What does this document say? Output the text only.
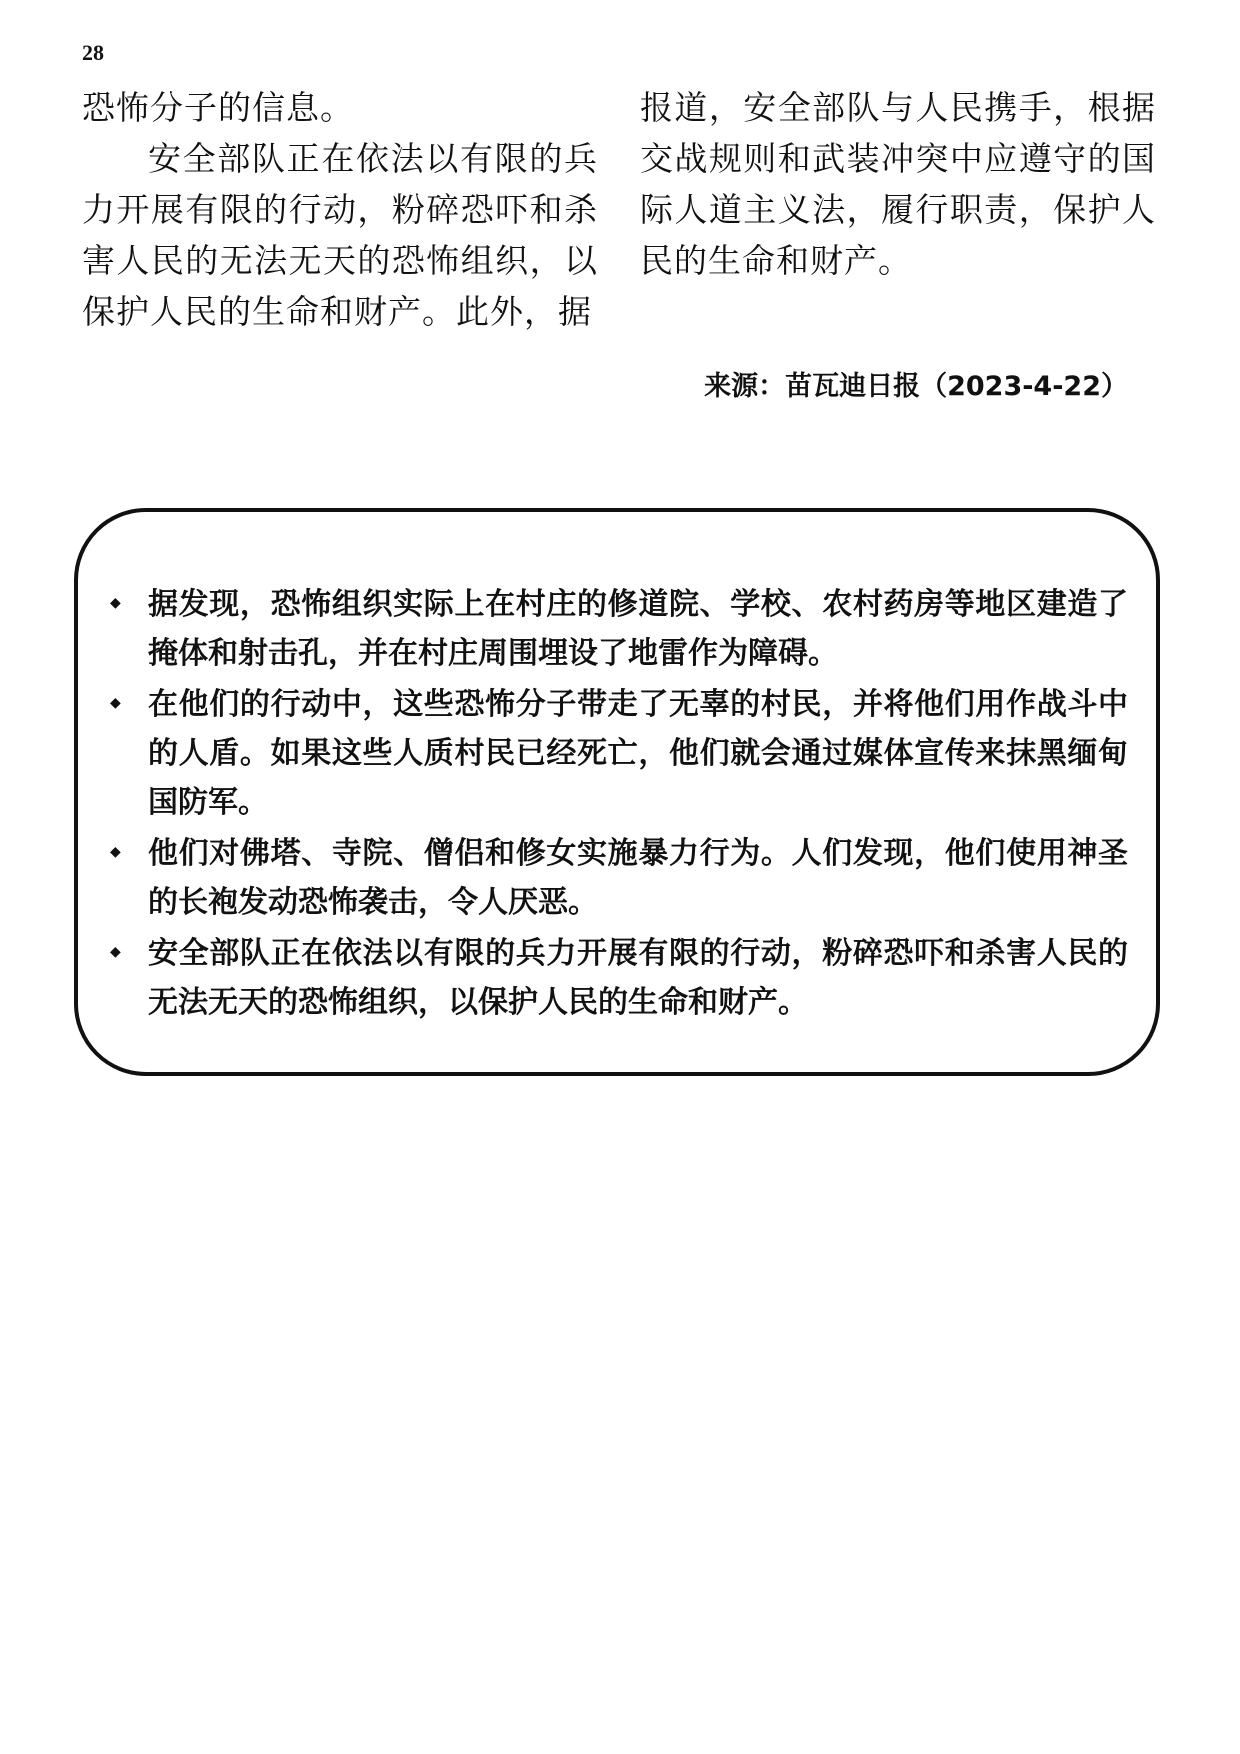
28

恐怖分子的信息。

安全部队正在依法以有限的兵力开展有限的行动，粉碎恐吓和杀害人民的无法无天的恐怖组织，以保护人民的生命和财产。此外，据

报道，安全部队与人民携手，根据交战规则和武装冲突中应遵守的国际人道主义法，履行职责，保护人民的生命和财产。

来源：苗瓦迪日报（2023-4-22）
◆ 据发现，恐怖组织实际上在村庄的修道院、学校、农村药房等地区建造了掩体和射击孔，并在村庄周围埋设了地雷作为障碍。
◆ 在他们的行动中，这些恐怖分子带走了无辜的村民，并将他们用作战斗中的人盾。如果这些人质村民已经死亡，他们就会通过媒体宣传来抹黑缅甸国防军。
◆ 他们对佛塔、寺院、僧侣和修女实施暴力行为。人们发现，他们使用神圣的长袍发动恐怖袭击，令人厌恶。
◆ 安全部队正在依法以有限的兵力开展有限的行动，粉碎恐吓和杀害人民的无法无天的恐怖组织，以保护人民的生命和财产。
